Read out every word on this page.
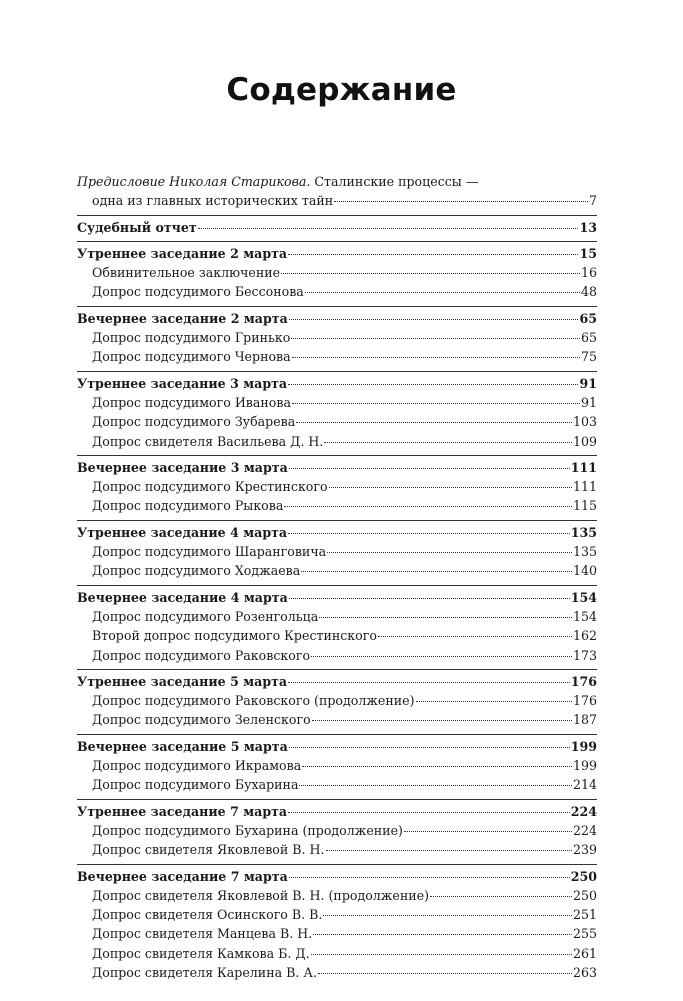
Содержание
Предисловие Николая Старикова. Сталинские процессы —
одна из главных исторических тайн	7
Судебный отчет	13
Утреннее заседание 2 марта	15
Обвинительное заключение	16
Допрос подсудимого Бессонова	48
Вечернее заседание 2 марта	65
Допрос подсудимого Гринько	65
Допрос подсудимого Чернова	75
Утреннее заседание 3 марта	91
Допрос подсудимого Иванова	91
Допрос подсудимого Зубарева	103
Допрос свидетеля Васильева Д. Н.	109
Вечернее заседание 3 марта	111
Допрос подсудимого Крестинского	111
Допрос подсудимого Рыкова	115
Утреннее заседание 4 марта	135
Допрос подсудимого Шаранговича	135
Допрос подсудимого Ходжаева	140
Вечернее заседание 4 марта	154
Допрос подсудимого Розенгольца	154
Второй допрос подсудимого Крестинского	162
Допрос подсудимого Раковского	173
Утреннее заседание 5 марта	176
Допрос подсудимого Раковского (продолжение)	176
Допрос подсудимого Зеленского	187
Вечернее заседание 5 марта	199
Допрос подсудимого Икрамова	199
Допрос подсудимого Бухарина	214
Утреннее заседание 7 марта	224
Допрос подсудимого Бухарина (продолжение)	224
Допрос свидетеля Яковлевой В. Н.	239
Вечернее заседание 7 марта	250
Допрос свидетеля Яковлевой В. Н. (продолжение)	250
Допрос свидетеля Осинского В. В.	251
Допрос свидетеля Манцева В. Н.	255
Допрос свидетеля Камкова Б. Д.	261
Допрос свидетеля Карелина В. А.	263
